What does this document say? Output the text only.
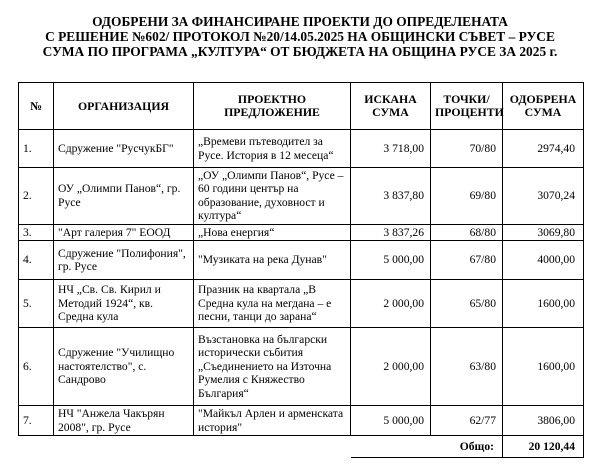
ОДОБРЕНИ ЗА ФИНАНСИРАНЕ ПРОЕКТИ ДО ОПРЕДЕЛЕНАТА
С РЕШЕНИЕ №602/ ПРОТОКОЛ №20/14.05.2025 НА ОБЩИНСКИ СЪВЕТ – РУСЕ
СУМА ПО ПРОГРАМА „КУЛТУРА“ ОТ БЮДЖЕТА НА ОБЩИНА РУСЕ ЗА 2025 г.
№	ОРГАНИЗАЦИЯ	ПРОЕКТНО ПРЕДЛОЖЕНИЕ	ИСКАНА СУМА	ТОЧКИ/ ПРОЦЕНТИ	ОДОБРЕНА СУМА
1.	Сдружение "РусчукБГ"	„Времеви пътеводител за Русе. История в 12 месеца“	3 718,00	70/80	2974,40
2.	ОУ „Олимпи Панов“, гр. Русе	„ОУ „Олимпи Панов“, Русе – 60 години център на образование, духовност и култура“	3 837,80	69/80	3070,24
3.	"Арт галерия 7" ЕООД	„Нова енергия“	3 837,26	68/80	3069,80
4.	Сдружение "Полифония", гр. Русе	"Музиката на река Дунав"	5 000,00	67/80	4000,00
5.	НЧ „Св. Св. Кирил и Методий 1924“, кв. Средна кула	Празник на квартала „В Средна кула на мегдана – е песни, танци до зарана“	2 000,00	65/80	1600,00
6.	Сдружение "Училищно настоятелство", с. Сандрово	Възстановка на български исторически събития „Съединението на Източна Румелия с Княжество България“	2 000,00	63/80	1600,00
7.	НЧ "Анжела Чакърян 2008", гр. Русе	"Майкъл Арлен и арменската история"	5 000,00	62/77	3806,00
			Общо:		20 120,44
